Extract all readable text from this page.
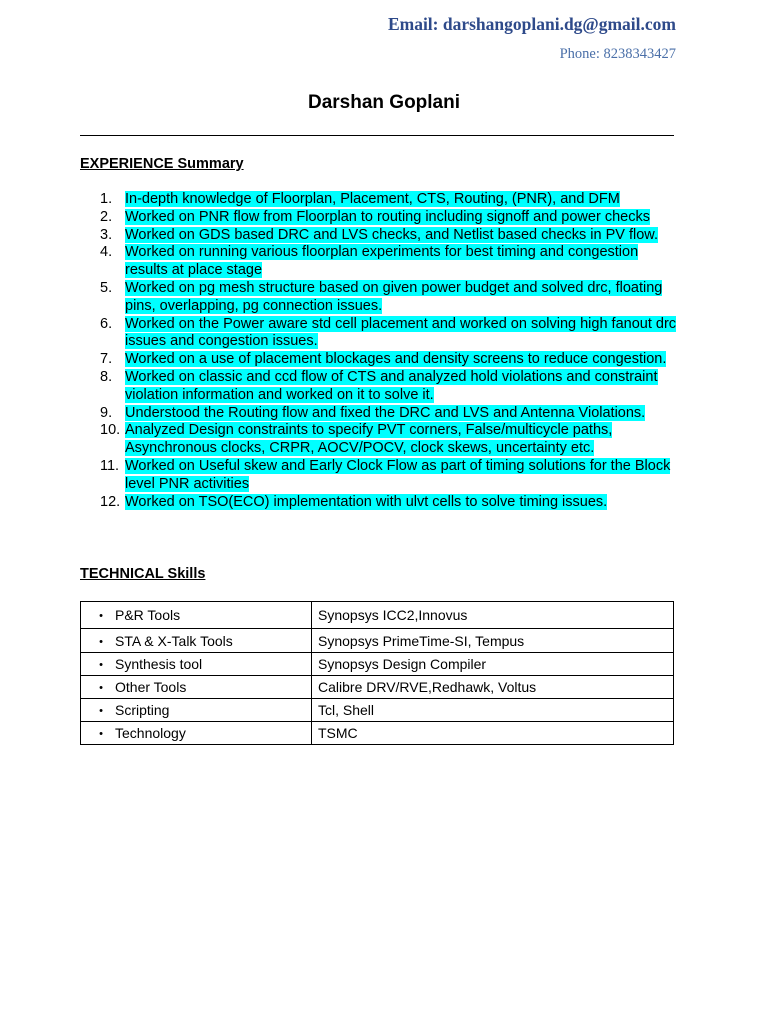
Email: darshangoplani.dg@gmail.com
Phone: 8238343427
Darshan Goplani
EXPERIENCE Summary
1. In-depth knowledge of Floorplan, Placement, CTS, Routing, (PNR), and DFM
2. Worked on PNR flow from Floorplan to routing including signoff and power checks
3. Worked on GDS based DRC and LVS checks, and Netlist based checks in PV flow.
4. Worked on running various floorplan experiments for best timing and congestion results at place stage
5. Worked on pg mesh structure based on given power budget and solved drc, floating pins, overlapping, pg connection issues.
6. Worked on the Power aware std cell placement and worked on solving high fanout drc issues and congestion issues.
7. Worked on a use of placement blockages and density screens to reduce congestion.
8. Worked on classic and ccd flow of CTS and analyzed hold violations and constraint violation information and worked on it to solve it.
9. Understood the Routing flow and fixed the DRC and LVS and Antenna Violations.
10. Analyzed Design constraints to specify PVT corners, False/multicycle paths, Asynchronous clocks, CRPR, AOCV/POCV, clock skews, uncertainty etc.
11. Worked on Useful skew and Early Clock Flow as part of timing solutions for the Block level PNR activities
12. Worked on TSO(ECO) implementation with ulvt cells to solve timing issues.
TECHNICAL Skills
• P&R Tools	Synopsys ICC2,Innovus
• STA & X-Talk Tools	Synopsys PrimeTime-SI, Tempus
• Synthesis tool	Synopsys Design Compiler
• Other Tools	Calibre DRV/RVE,Redhawk, Voltus
• Scripting	Tcl, Shell
• Technology	TSMC
